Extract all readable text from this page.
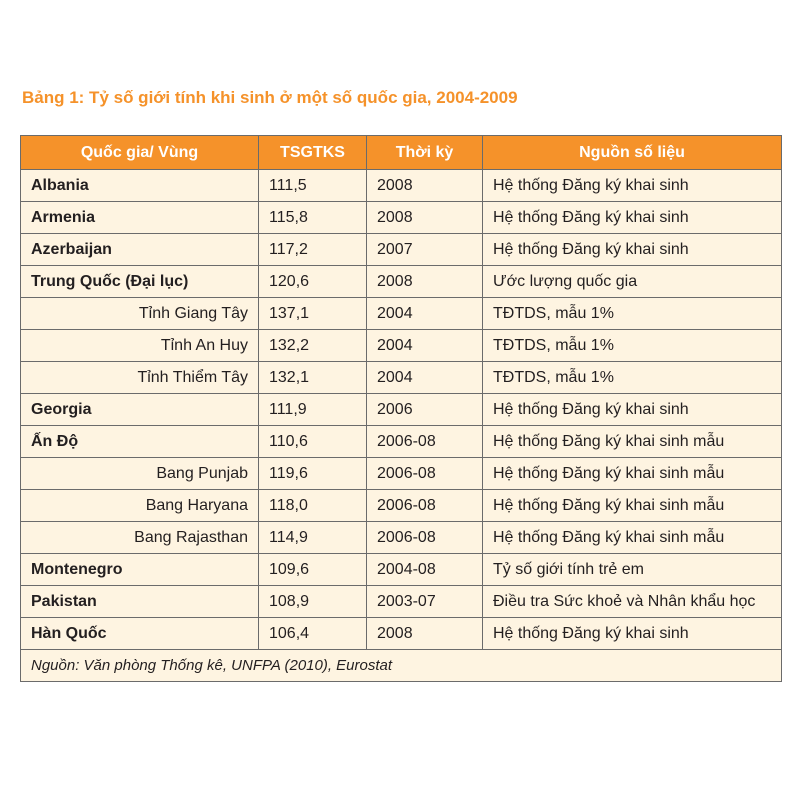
Bảng 1: Tỷ số giới tính khi sinh ở một số quốc gia, 2004-2009
Quốc gia/ Vùng	TSGTKS	Thời kỳ	Nguồn số liệu
Albania	111,5	2008	Hệ thống Đăng ký khai sinh
Armenia	115,8	2008	Hệ thống Đăng ký khai sinh
Azerbaijan	117,2	2007	Hệ thống Đăng ký khai sinh
Trung Quốc (Đại lục)	120,6	2008	Ước lượng quốc gia
Tỉnh Giang Tây	137,1	2004	TĐTDS, mẫu 1%
Tỉnh An Huy	132,2	2004	TĐTDS, mẫu 1%
Tỉnh Thiểm Tây	132,1	2004	TĐTDS, mẫu 1%
Georgia	111,9	2006	Hệ thống Đăng ký khai sinh
Ấn Độ	110,6	2006-08	Hệ thống Đăng ký khai sinh mẫu
Bang Punjab	119,6	2006-08	Hệ thống Đăng ký khai sinh mẫu
Bang Haryana	118,0	2006-08	Hệ thống Đăng ký khai sinh mẫu
Bang Rajasthan	114,9	2006-08	Hệ thống Đăng ký khai sinh mẫu
Montenegro	109,6	2004-08	Tỷ số giới tính trẻ em
Pakistan	108,9	2003-07	Điều tra Sức khoẻ và Nhân khẩu học
Hàn Quốc	106,4	2008	Hệ thống Đăng ký khai sinh
Nguồn: Văn phòng Thống kê, UNFPA (2010), Eurostat			
